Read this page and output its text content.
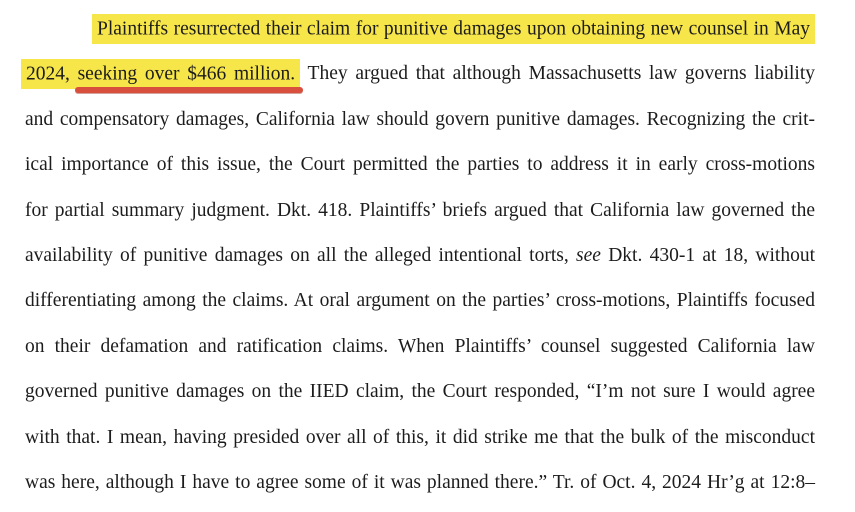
Plaintiffs resurrected their claim for punitive damages upon obtaining new counsel in May
2024, seeking over $466 million. They argued that although Massachusetts law governs liability
and compensatory damages, California law should govern punitive damages. Recognizing the crit-
ical importance of this issue, the Court permitted the parties to address it in early cross-motions
for partial summary judgment. Dkt. 418. Plaintiffs’ briefs argued that California law governed the
availability of punitive damages on all the alleged intentional torts, see Dkt. 430-1 at 18, without
differentiating among the claims. At oral argument on the parties’ cross-motions, Plaintiffs focused
on their defamation and ratification claims. When Plaintiffs’ counsel suggested California law
governed punitive damages on the IIED claim, the Court responded, “I’m not sure I would agree
with that. I mean, having presided over all of this, it did strike me that the bulk of the misconduct
was here, although I have to agree some of it was planned there.” Tr. of Oct. 4, 2024 Hr’g at 12:8–
